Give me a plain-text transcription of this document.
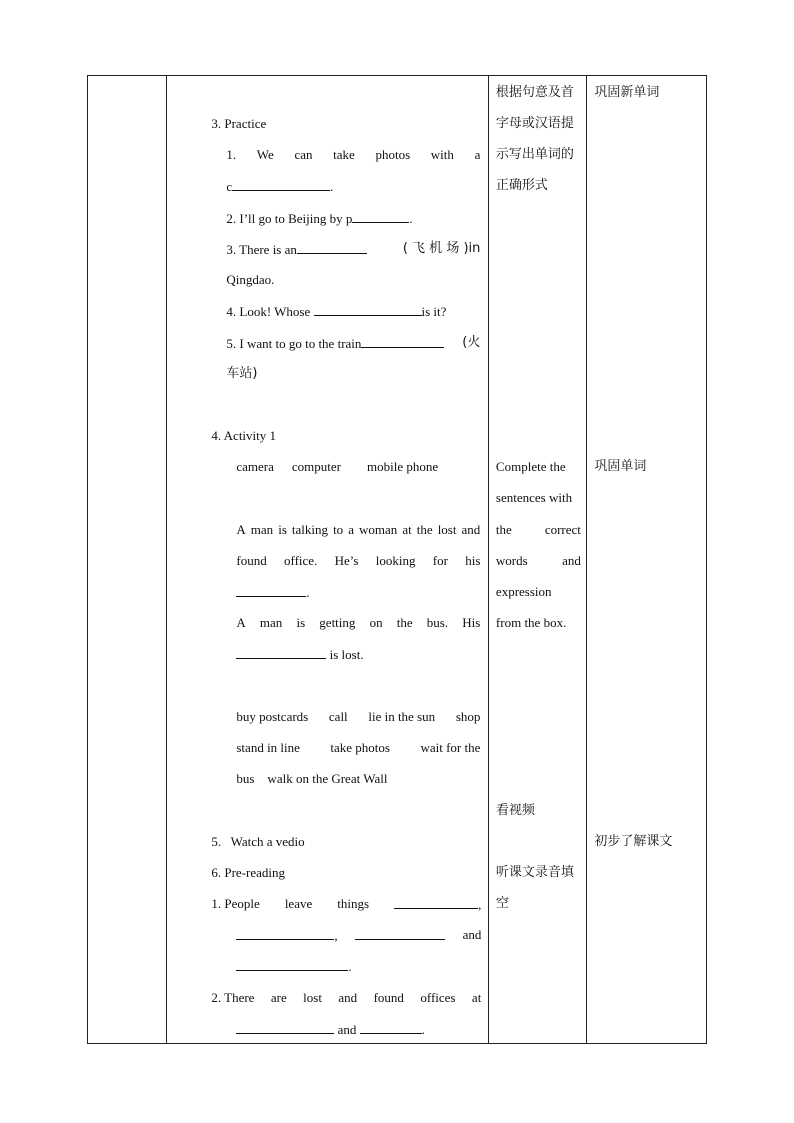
3. Practice
1. We can take photos with a
c	.
2. I’ll go to Beijing by p	.
3. There is an	( 飞 机 场 )in
Qingdao.
4. Look! Whose	is it?
5. I want to go to the train	(火
车站)
4. Activity 1
camera computer mobile phone
A man is talking to a woman at the lost and
found office. He’s looking for his
.
A man is getting on the bus. His
is lost.
buy postcards call lie in the sun shop
stand in line take photos wait for the
bus    walk on the Great Wall
5.   Watch a vedio
6. Pre-reading
1. People leave things	,
,	and
.
2. There are lost and found offices at
and	.

根据句意及首
字母或汉语提
示写出单词的
正确形式
Complete the
sentences with
the correct
words and
expression
from the box.
看视频
听课文录音填
空

巩固新单词
巩固单词
初步了解课文
